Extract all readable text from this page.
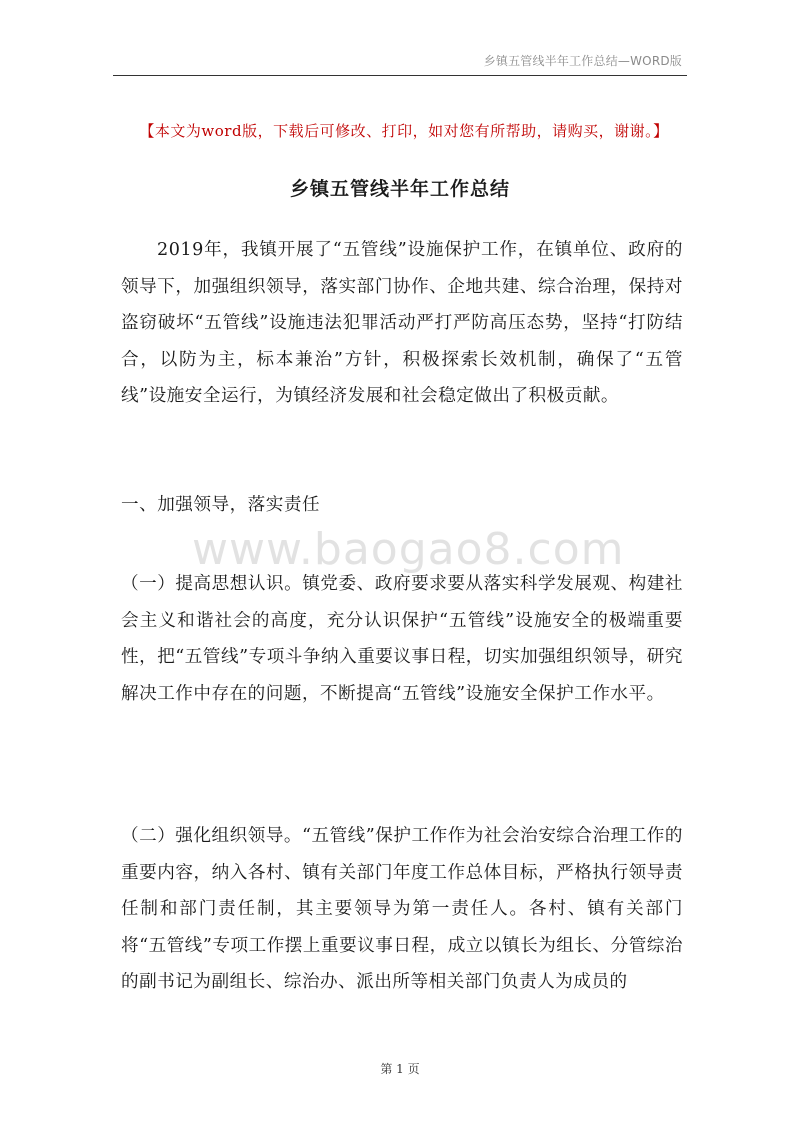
乡镇五管线半年工作总结—WORD版
【本文为word版，下载后可修改、打印，如对您有所帮助，请购买，谢谢。】
乡镇五管线半年工作总结
2019年，我镇开展了“五管线”设施保护工作，在镇单位、政府的领导下，加强组织领导，落实部门协作、企地共建、综合治理，保持对盗窃破坏“五管线”设施违法犯罪活动严打严防高压态势，坚持“打防结合，以防为主，标本兼治”方针，积极探索长效机制，确保了“五管线”设施安全运行，为镇经济发展和社会稳定做出了积极贡献。
一、加强领导，落实责任
www.baogao8.com
（一）提高思想认识。镇党委、政府要求要从落实科学发展观、构建社会主义和谐社会的高度，充分认识保护“五管线”设施安全的极端重要性，把“五管线”专项斗争纳入重要议事日程，切实加强组织领导，研究解决工作中存在的问题，不断提高“五管线”设施安全保护工作水平。
（二）强化组织领导。“五管线”保护工作作为社会治安综合治理工作的重要内容，纳入各村、镇有关部门年度工作总体目标，严格执行领导责任制和部门责任制，其主要领导为第一责任人。各村、镇有关部门将“五管线”专项工作摆上重要议事日程，成立以镇长为组长、分管综治的副书记为副组长、综治办、派出所等相关部门负责人为成员的
第 1 页
